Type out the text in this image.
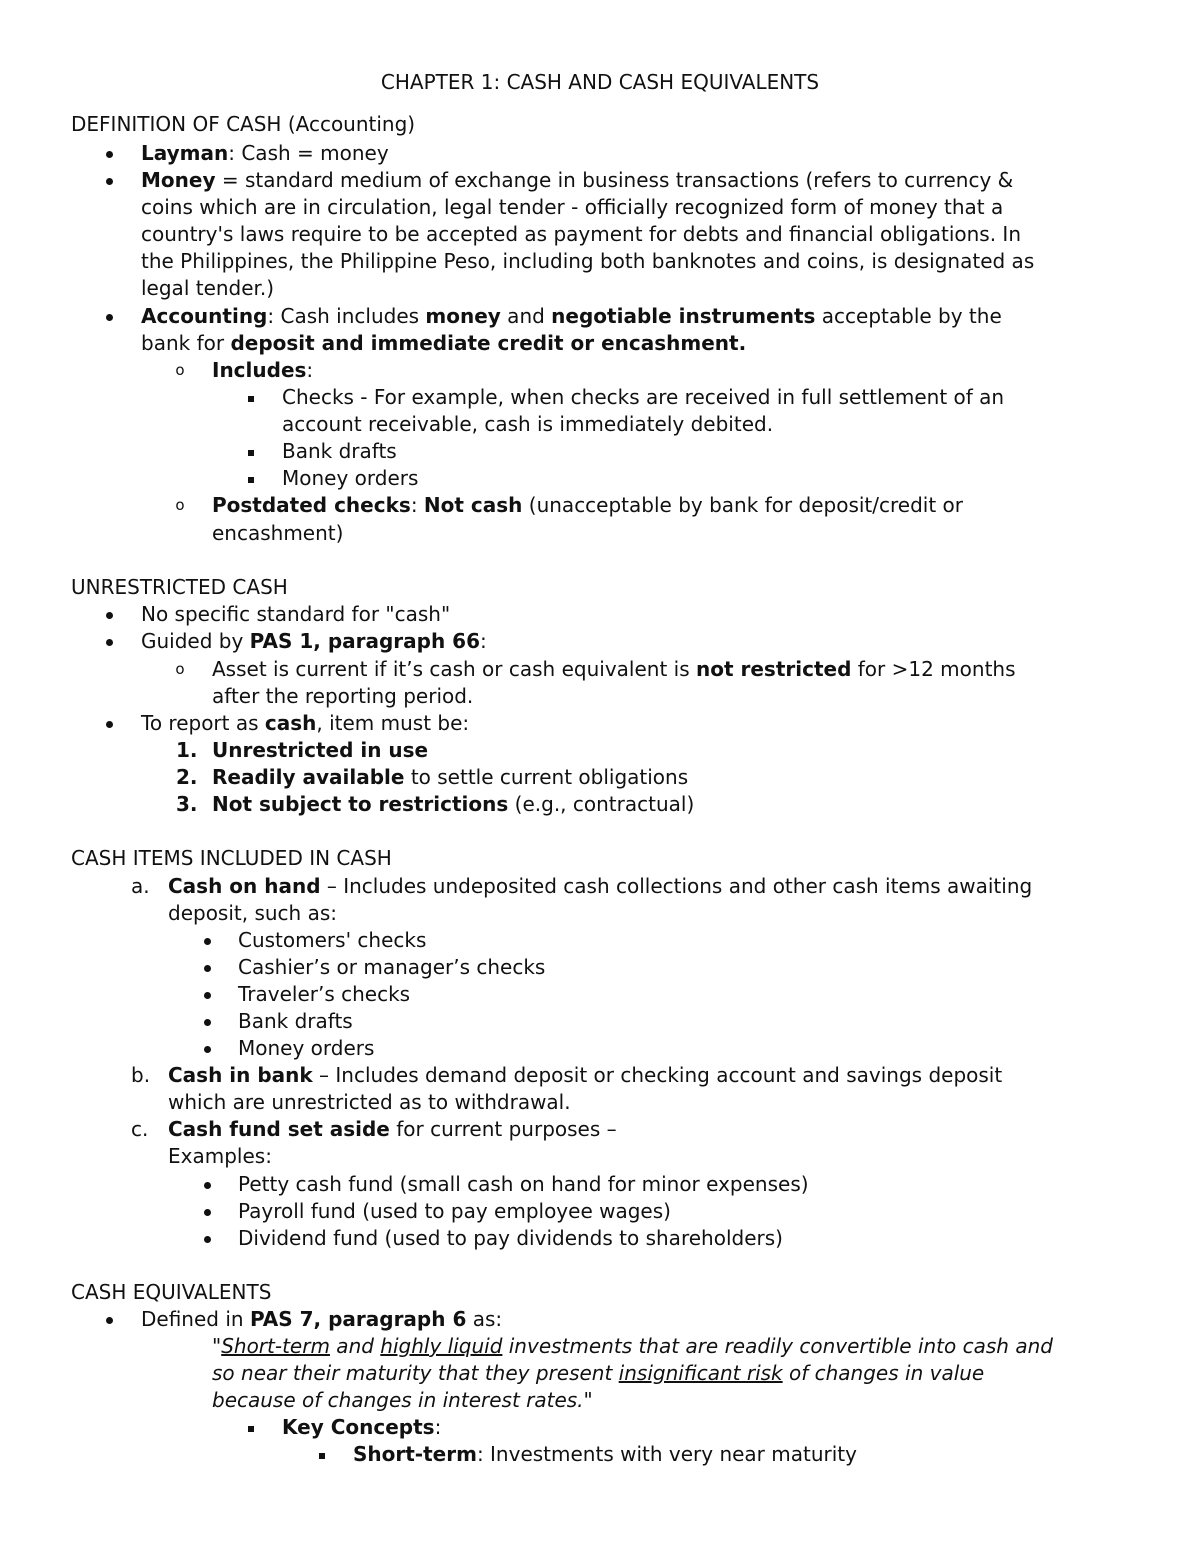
CHAPTER 1: CASH AND CASH EQUIVALENTS
DEFINITION OF CASH (Accounting)
Layman: Cash = money
Money = standard medium of exchange in business transactions (refers to currency &
coins which are in circulation, legal tender - officially recognized form of money that a
country's laws require to be accepted as payment for debts and financial obligations. In
the Philippines, the Philippine Peso, including both banknotes and coins, is designated as
legal tender.)
Accounting: Cash includes money and negotiable instruments acceptable by the
bank for deposit and immediate credit or encashment.
o	Includes:
Checks - For example, when checks are received in full settlement of an
account receivable, cash is immediately debited.
Bank drafts
Money orders
o	Postdated checks: Not cash (unacceptable by bank for deposit/credit or
encashment)
UNRESTRICTED CASH
No specific standard for "cash"
Guided by PAS 1, paragraph 66:
o	Asset is current if it’s cash or cash equivalent is not restricted for >12 months
after the reporting period.
To report as cash, item must be:
1. Unrestricted in use
2. Readily available to settle current obligations
3. Not subject to restrictions (e.g., contractual)
CASH ITEMS INCLUDED IN CASH
a. Cash on hand – Includes undeposited cash collections and other cash items awaiting
deposit, such as:
Customers' checks
Cashier’s or manager’s checks
Traveler’s checks
Bank drafts
Money orders
b. Cash in bank – Includes demand deposit or checking account and savings deposit
which are unrestricted as to withdrawal.
c. Cash fund set aside for current purposes –
Examples:
Petty cash fund (small cash on hand for minor expenses)
Payroll fund (used to pay employee wages)
Dividend fund (used to pay dividends to shareholders)
CASH EQUIVALENTS
Defined in PAS 7, paragraph 6 as:
"Short-term and highly liquid investments that are readily convertible into cash and
so near their maturity that they present insignificant risk of changes in value
because of changes in interest rates."
Key Concepts:
Short-term: Investments with very near maturity
